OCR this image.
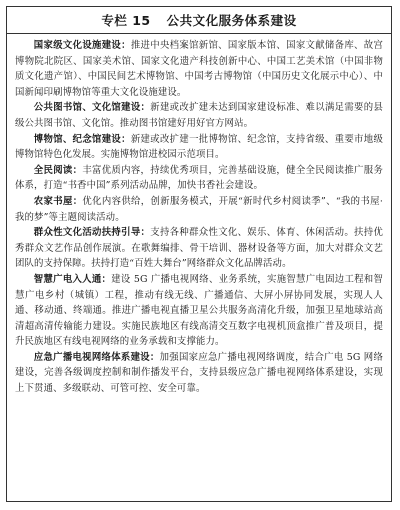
专栏 15 公共文化服务体系建设

国家级文化设施建设：推进中央档案馆新馆、国家版本馆、国家文献储备库、故宫博物院北院区、国家美术馆、国家文化遗产科技创新中心、中国工艺美术馆（中国非物质文化遗产馆）、中国民间艺术博物馆、中国考古博物馆（中国历史文化展示中心）、中国新闻印刷博物馆等重大文化设施建设。

公共图书馆、文化馆建设：新建或改扩建未达到国家建设标准、难以满足需要的县级公共图书馆、文化馆。推动图书馆建好用好官方网站。

博物馆、纪念馆建设：新建或改扩建一批博物馆、纪念馆，支持省级、重要市地级博物馆特色化发展。实施博物馆进校园示范项目。

全民阅读：丰富优质内容，持续优秀项目，完善基础设施，健全全民阅读推广服务体系，打造“书香中国”系列活动品牌，加快书香社会建设。

农家书屋：优化内容供给，创新服务模式，开展“新时代乡村阅读季”、“我的书屋·我的梦”等主题阅读活动。

群众性文化活动扶持引导：支持各种群众性文化、娱乐、体育、休闲活动。扶持优秀群众文艺作品创作展演。在歌舞编排、骨干培训、器材设备等方面，加大对群众文艺团队的支持保障。扶持打造“百姓大舞台”网络群众文化品牌活动。

智慧广电入人通：建设 5G 广播电视网络、业务系统，实施智慧广电固边工程和智慧广电乡村（城镇）工程，推动有线无线、广播通信、大屏小屏协同发展，实现人人通、移动通、终端通。推进广播电视直播卫星公共服务高清化升级，加强卫星地球站高清超高清传输能力建设。实施民族地区有线高清交互数字电视机顶盒推广普及项目，提升民族地区有线电视网络的业务承载和支撑能力。

应急广播电视网络体系建设：加强国家应急广播电视网络调度，结合广电 5G 网络建设，完善各级调度控制和制作播发平台，支持县级应急广播电视网络体系建设，实现上下贯通、多级联动、可管可控、安全可靠。
